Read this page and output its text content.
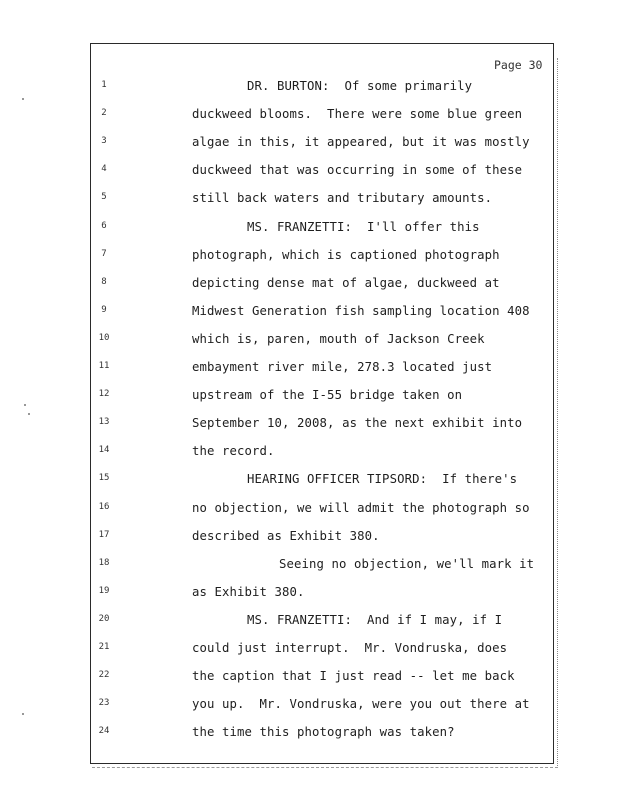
Page 30
1	DR. BURTON:  Of some primarily
2	duckweed blooms.  There were some blue green
3	algae in this, it appeared, but it was mostly
4	duckweed that was occurring in some of these
5	still back waters and tributary amounts.
6	MS. FRANZETTI:  I'll offer this
7	photograph, which is captioned photograph
8	depicting dense mat of algae, duckweed at
9	Midwest Generation fish sampling location 408
10	which is, paren, mouth of Jackson Creek
11	embayment river mile, 278.3 located just
12	upstream of the I-55 bridge taken on
13	September 10, 2008, as the next exhibit into
14	the record.
15	HEARING OFFICER TIPSORD:  If there's
16	no objection, we will admit the photograph so
17	described as Exhibit 380.
18	Seeing no objection, we'll mark it
19	as Exhibit 380.
20	MS. FRANZETTI:  And if I may, if I
21	could just interrupt.  Mr. Vondruska, does
22	the caption that I just read -- let me back
23	you up.  Mr. Vondruska, were you out there at
24	the time this photograph was taken?
